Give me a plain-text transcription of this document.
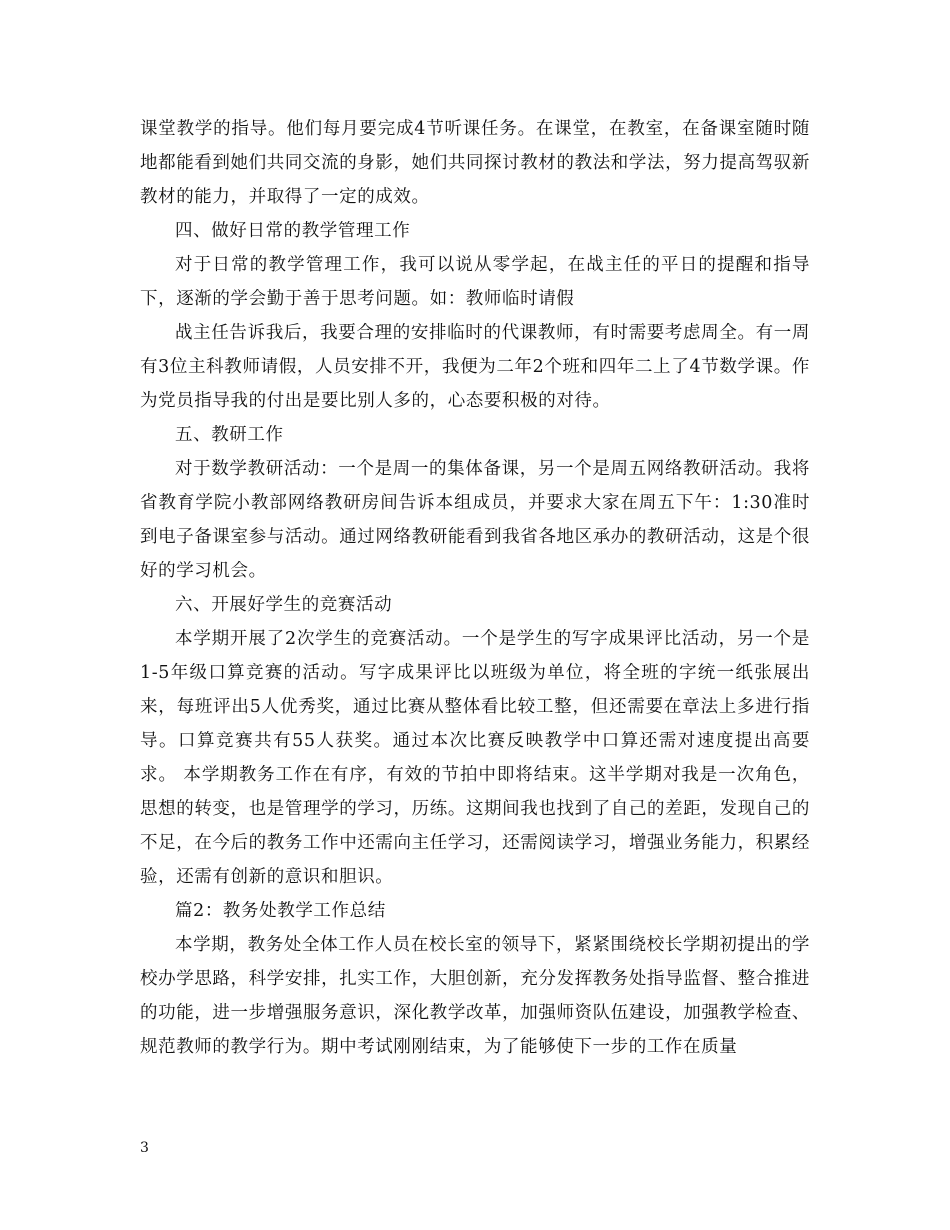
课堂教学的指导。他们每月要完成4节听课任务。在课堂，在教室，在备课室随时随地都能看到她们共同交流的身影，她们共同探讨教材的教法和学法，努力提高驾驭新教材的能力，并取得了一定的成效。

四、做好日常的教学管理工作

对于日常的教学管理工作，我可以说从零学起，在战主任的平日的提醒和指导下，逐渐的学会勤于善于思考问题。如：教师临时请假

战主任告诉我后，我要合理的安排临时的代课教师，有时需要考虑周全。有一周有3位主科教师请假，人员安排不开，我便为二年2个班和四年二上了4节数学课。作为党员指导我的付出是要比别人多的，心态要积极的对待。

五、教研工作

对于数学教研活动：一个是周一的集体备课，另一个是周五网络教研活动。我将省教育学院小教部网络教研房间告诉本组成员，并要求大家在周五下午：1:30准时到电子备课室参与活动。通过网络教研能看到我省各地区承办的教研活动，这是个很好的学习机会。

六、开展好学生的竞赛活动

本学期开展了2次学生的竞赛活动。一个是学生的写字成果评比活动，另一个是1-5年级口算竞赛的活动。写字成果评比以班级为单位，将全班的字统一纸张展出来，每班评出5人优秀奖，通过比赛从整体看比较工整，但还需要在章法上多进行指导。口算竞赛共有55人获奖。通过本次比赛反映教学中口算还需对速度提出高要求。 本学期教务工作在有序，有效的节拍中即将结束。这半学期对我是一次角色，思想的转变，也是管理学的学习，历练。这期间我也找到了自己的差距，发现自己的不足，在今后的教务工作中还需向主任学习，还需阅读学习，增强业务能力，积累经验，还需有创新的意识和胆识。

篇2：教务处教学工作总结

本学期，教务处全体工作人员在校长室的领导下，紧紧围绕校长学期初提出的学校办学思路，科学安排，扎实工作，大胆创新，充分发挥教务处指导监督、整合推进的功能，进一步增强服务意识，深化教学改革，加强师资队伍建设，加强教学检查、规范教师的教学行为。期中考试刚刚结束，为了能够使下一步的工作在质量

3
